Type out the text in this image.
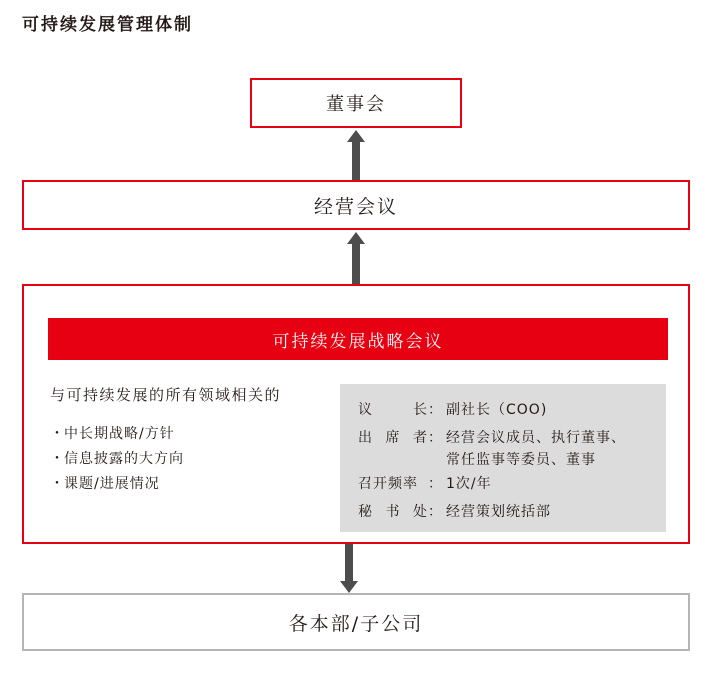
可持续发展管理体制
董事会
经营会议
可持续发展战略会议
与可持续发展的所有领域相关的
・中长期战略/方针
・信息披露的大方向
・课题/进展情况
议	长 ： 副社长（COO)
出 席 者 ： 经营会议成员、执行董事、
常任监事等委员、董事
召开频率 ： 1次/年
秘 书 处 ： 经营策划统括部
各本部/子公司
